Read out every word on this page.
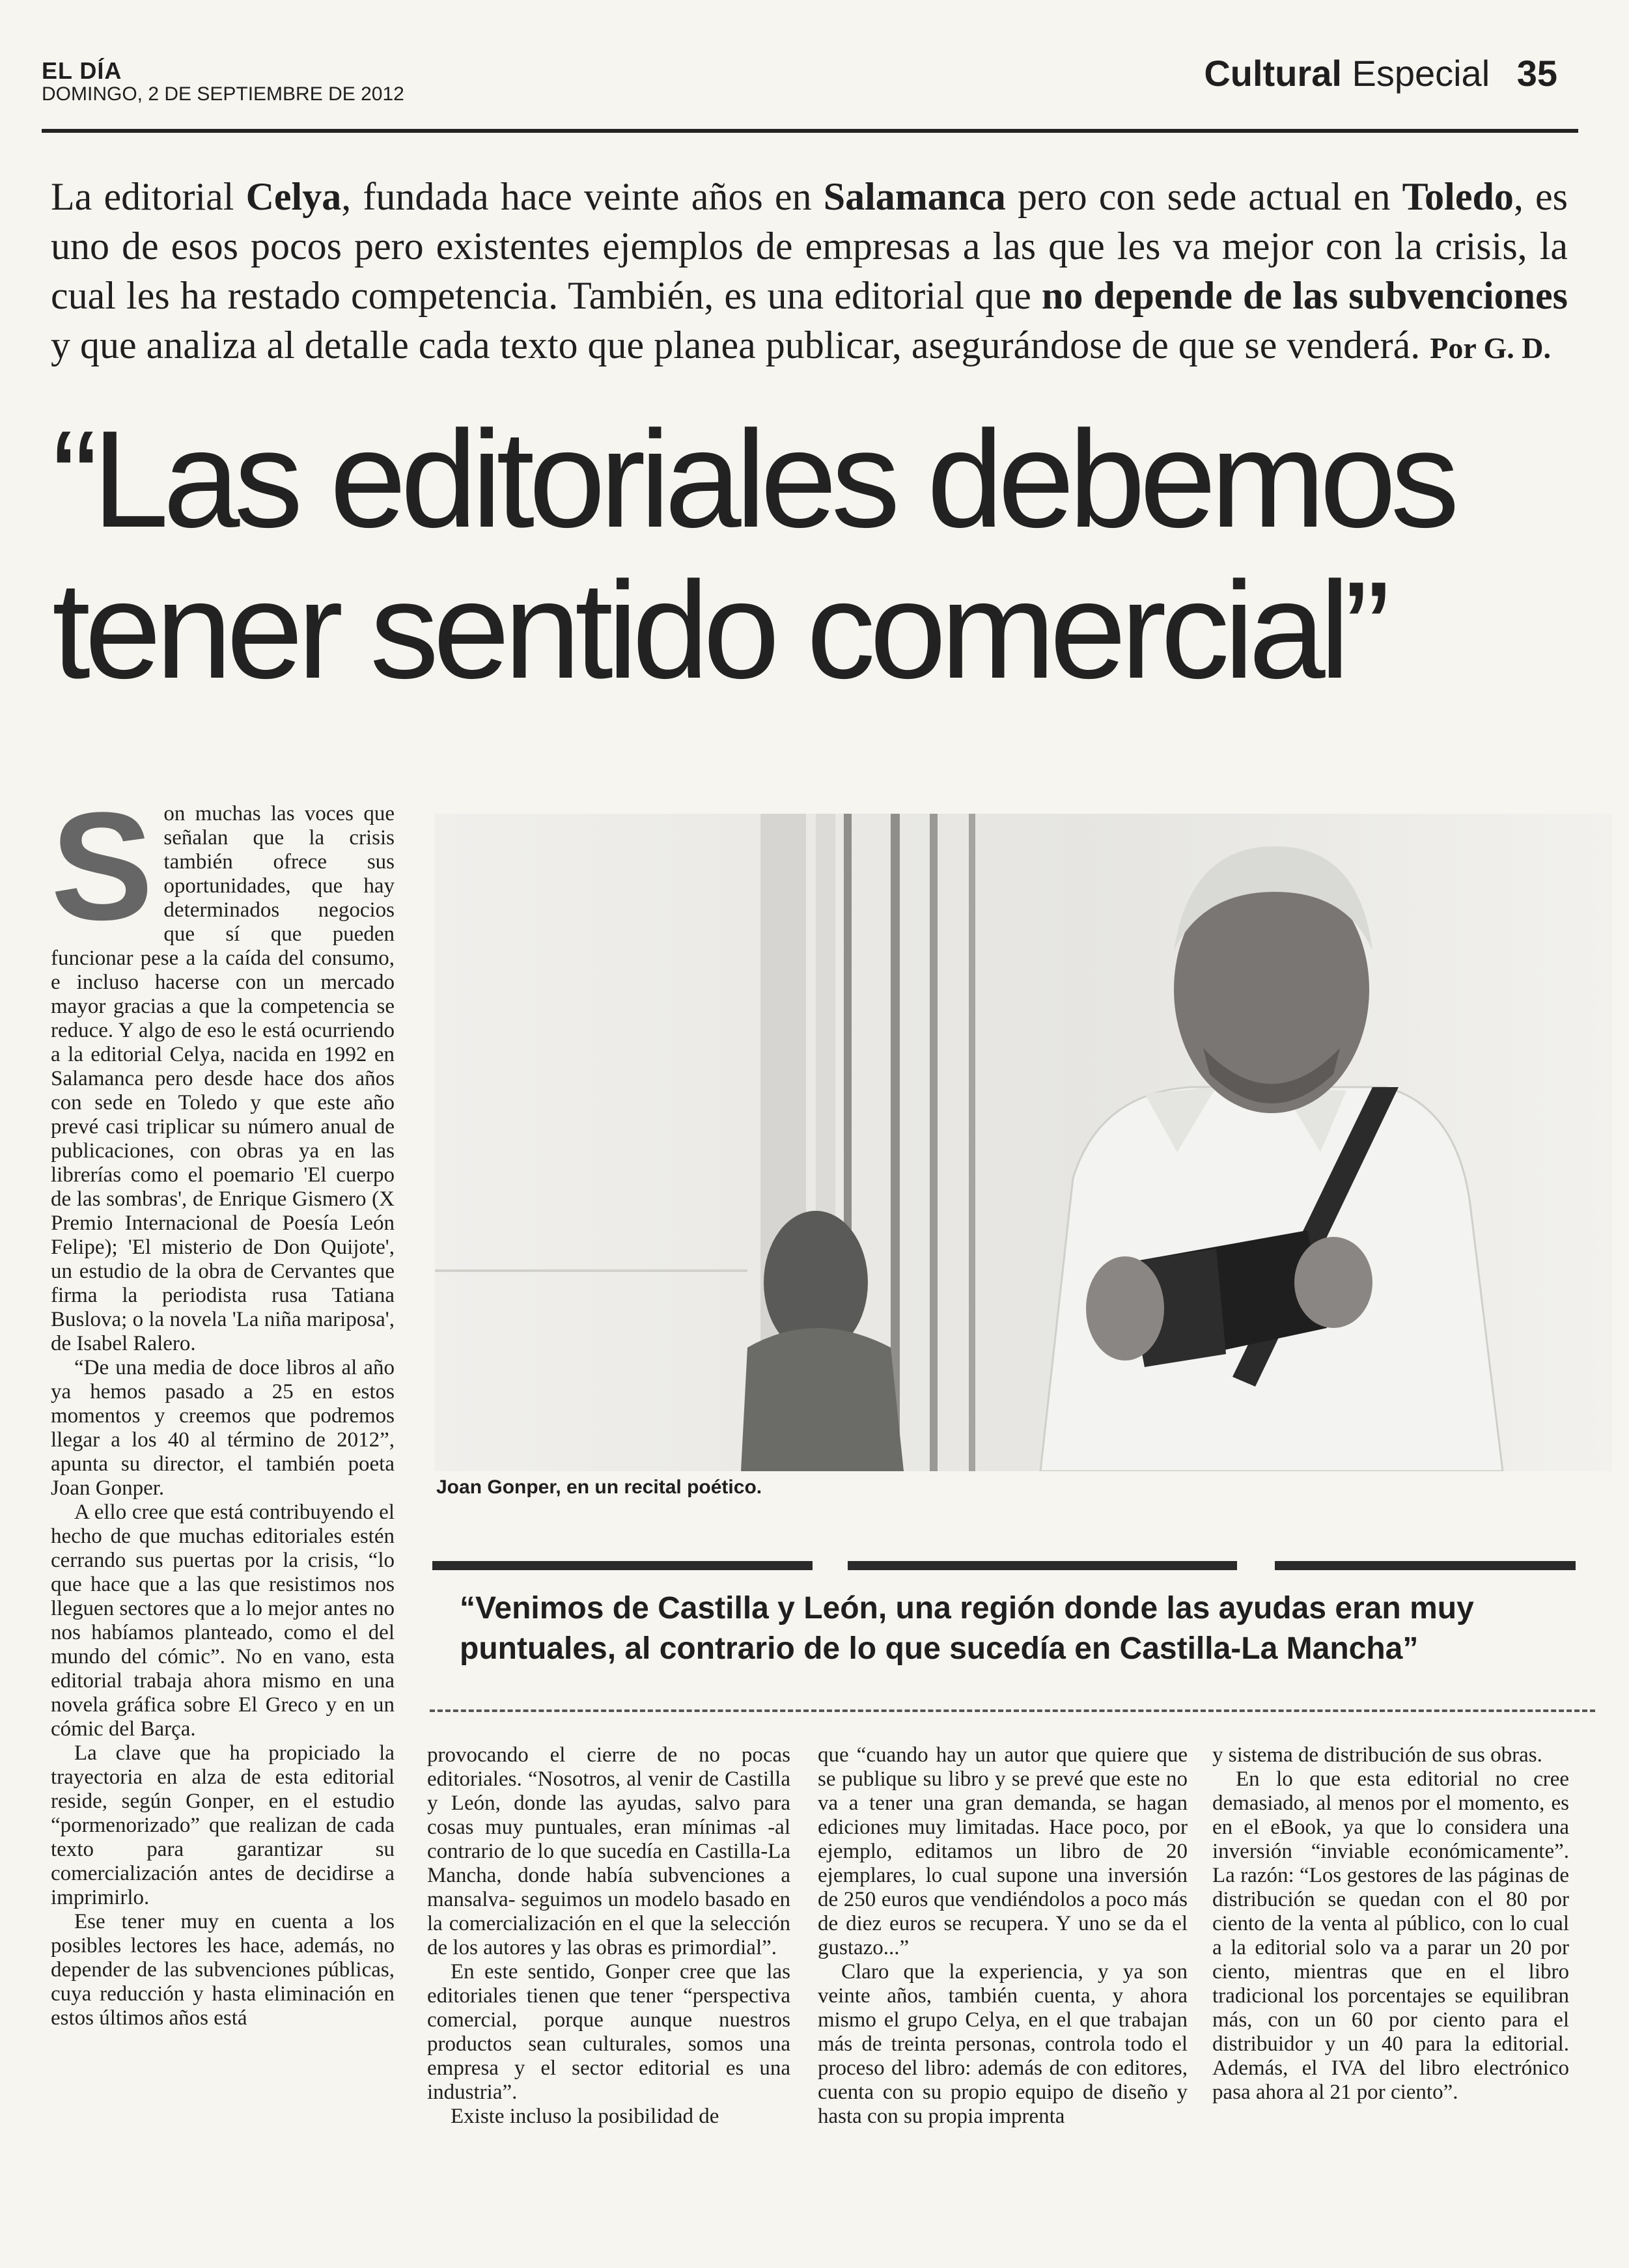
EL DÍA
DOMINGO, 2 DE SEPTIEMBRE DE 2012
Cultural Especial 35
La editorial Celya, fundada hace veinte años en Salamanca pero con sede actual en Toledo, es uno de esos pocos pero existentes ejemplos de empresas a las que les va mejor con la crisis, la cual les ha restado competencia. También, es una editorial que no depende de las subvenciones y que analiza al detalle cada texto que planea publicar, asegurándose de que se venderá. Por G. D.
“Las editoriales debemos
tener sentido comercial”
Joan Gonper, en un recital poético.
“Venimos de Castilla y León, una región donde las ayudas eran muy puntuales, al contrario de lo que sucedía en Castilla-La Mancha”

Son muchas las voces que señalan que la crisis también ofrece sus oportunidades, que hay determinados negocios que sí que pueden funcionar pese a la caída del consumo, e incluso hacerse con un mercado mayor gracias a que la competencia se reduce. Y algo de eso le está ocurriendo a la editorial Celya, nacida en 1992 en Salamanca pero desde hace dos años con sede en Toledo y que este año prevé casi triplicar su número anual de publicaciones, con obras ya en las librerías como el poemario 'El cuerpo de las sombras', de Enrique Gismero (X Premio Internacional de Poesía León Felipe); 'El misterio de Don Quijote', un estudio de la obra de Cervantes que firma la periodista rusa Tatiana Buslova; o la novela 'La niña mariposa', de Isabel Ralero.

“De una media de doce libros al año ya hemos pasado a 25 en estos momentos y creemos que podremos llegar a los 40 al término de 2012”, apunta su director, el también poeta Joan Gonper.

A ello cree que está contribuyendo el hecho de que muchas editoriales estén cerrando sus puertas por la crisis, “lo que hace que a las que resistimos nos lleguen sectores que a lo mejor antes no nos habíamos planteado, como el del mundo del cómic”. No en vano, esta editorial trabaja ahora mismo en una novela gráfica sobre El Greco y en un cómic del Barça.

La clave que ha propiciado la trayectoria en alza de esta editorial reside, según Gonper, en el estudio “pormenorizado” que realizan de cada texto para garantizar su comercialización antes de decidirse a imprimirlo.

Ese tener muy en cuenta a los posibles lectores les hace, además, no depender de las subvenciones públicas, cuya reducción y hasta eliminación en estos últimos años está

provocando el cierre de no pocas editoriales. “Nosotros, al venir de Castilla y León, donde las ayudas, salvo para cosas muy puntuales, eran mínimas -al contrario de lo que sucedía en Castilla-La Mancha, donde había subvenciones a mansalva- seguimos un modelo basado en la comercialización en el que la selección de los autores y las obras es primordial”.

En este sentido, Gonper cree que las editoriales tienen que tener “perspectiva comercial, porque aunque nuestros productos sean culturales, somos una empresa y el sector editorial es una industria”.

Existe incluso la posibilidad de

que “cuando hay un autor que quiere que se publique su libro y se prevé que este no va a tener una gran demanda, se hagan ediciones muy limitadas. Hace poco, por ejemplo, editamos un libro de 20 ejemplares, lo cual supone una inversión de 250 euros que vendiéndolos a poco más de diez euros se recupera. Y uno se da el gustazo...”

Claro que la experiencia, y ya son veinte años, también cuenta, y ahora mismo el grupo Celya, en el que trabajan más de treinta personas, controla todo el proceso del libro: además de con editores, cuenta con su propio equipo de diseño y hasta con su propia imprenta

y sistema de distribución de sus obras.

En lo que esta editorial no cree demasiado, al menos por el momento, es en el eBook, ya que lo considera una inversión “inviable económicamente”. La razón: “Los gestores de las páginas de distribución se quedan con el 80 por ciento de la venta al público, con lo cual a la editorial solo va a parar un 20 por ciento, mientras que en el libro tradicional los porcentajes se equilibran más, con un 60 por ciento para el distribuidor y un 40 para la editorial. Además, el IVA del libro electrónico pasa ahora al 21 por ciento”.
